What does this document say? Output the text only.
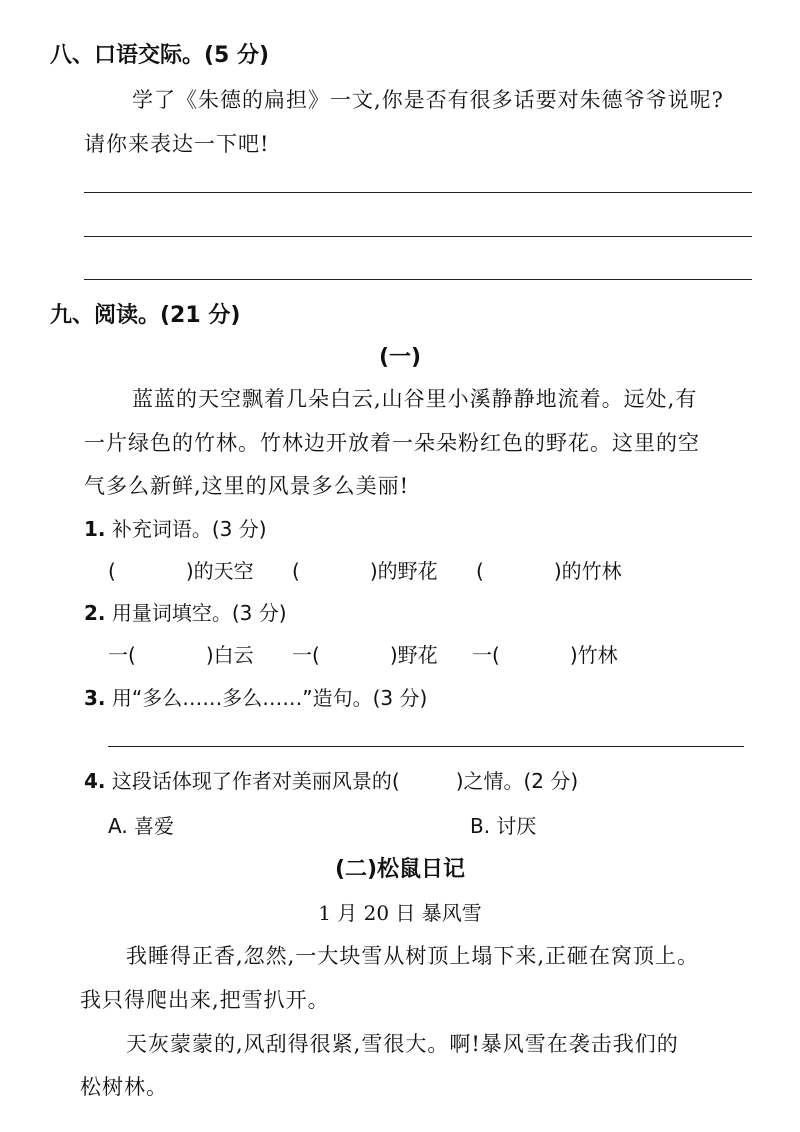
八、口语交际。(5 分)
学了《朱德的扁担》一文,你是否有很多话要对朱德爷爷说呢?
请你来表达一下吧!
九、阅读。(21 分)
(一)
蓝蓝的天空飘着几朵白云,山谷里小溪静静地流着。远处,有
一片绿色的竹林。竹林边开放着一朵朵粉红色的野花。这里的空
气多么新鲜,这里的风景多么美丽!
1. 补充词语。(3 分)
(	)的天空 (	)的野花 (	)的竹林
2. 用量词填空。(3 分)
一(	)白云 一(	)野花 一(	)竹林
3. 用“多么……多么……”造句。(3 分)
4. 这段话体现了作者对美丽风景的(	)之情。(2 分)
A. 喜爱	B. 讨厌
(二)松鼠日记
1 月 20 日 暴风雪
我睡得正香,忽然,一大块雪从树顶上塌下来,正砸在窝顶上。
我只得爬出来,把雪扒开。
天灰蒙蒙的,风刮得很紧,雪很大。啊!暴风雪在袭击我们的
松树林。
